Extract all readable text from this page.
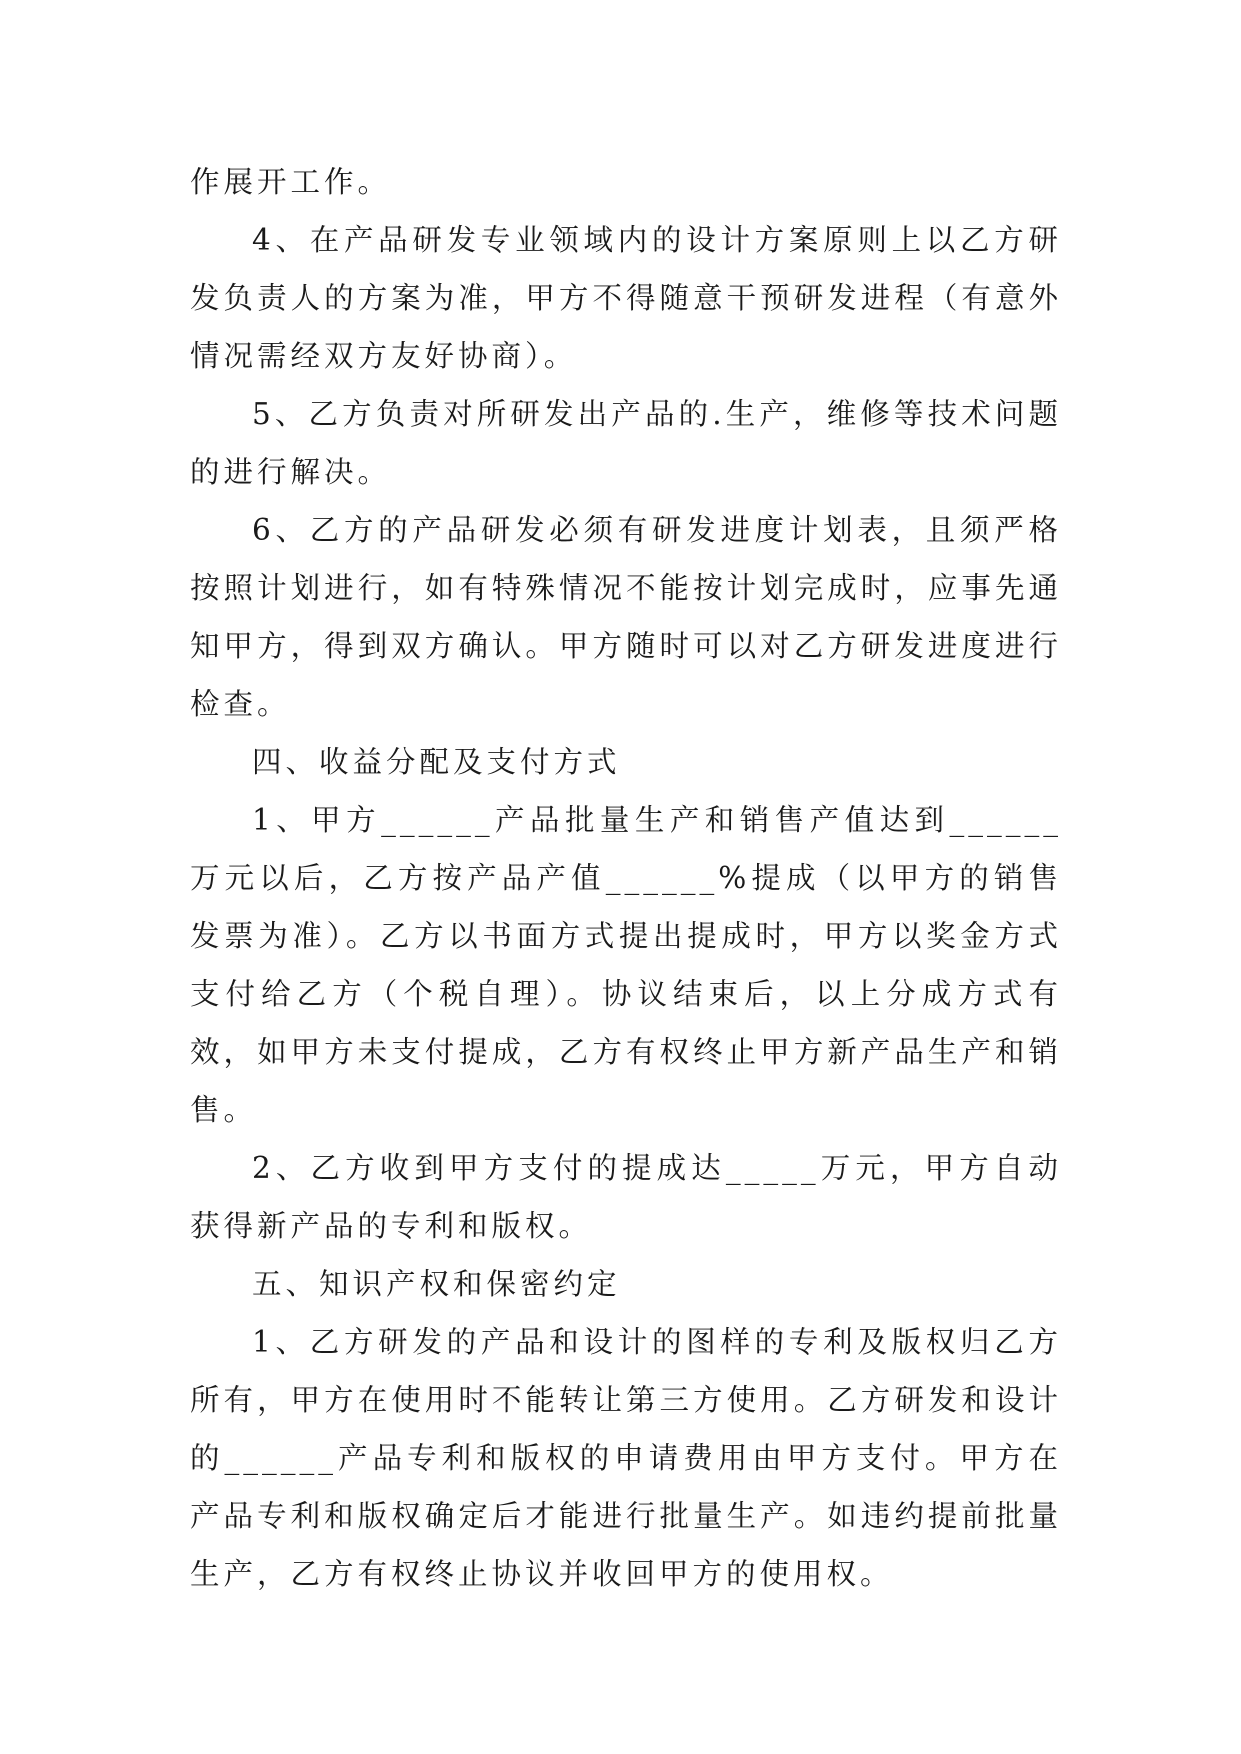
作展开工作。

4、在产品研发专业领域内的设计方案原则上以乙方研发负责人的方案为准，甲方不得随意干预研发进程（有意外情况需经双方友好协商）。

5、乙方负责对所研发出产品的.生产，维修等技术问题的进行解决。

6、乙方的产品研发必须有研发进度计划表，且须严格按照计划进行，如有特殊情况不能按计划完成时，应事先通知甲方，得到双方确认。甲方随时可以对乙方研发进度进行检查。

四、收益分配及支付方式

1、甲方______产品批量生产和销售产值达到______万元以后，乙方按产品产值______%提成（以甲方的销售发票为准）。乙方以书面方式提出提成时，甲方以奖金方式支付给乙方（个税自理）。协议结束后，以上分成方式有效，如甲方未支付提成，乙方有权终止甲方新产品生产和销售。

2、乙方收到甲方支付的提成达_____万元，甲方自动获得新产品的专利和版权。

五、知识产权和保密约定

1、乙方研发的产品和设计的图样的专利及版权归乙方所有，甲方在使用时不能转让第三方使用。乙方研发和设计的______产品专利和版权的申请费用由甲方支付。甲方在产品专利和版权确定后才能进行批量生产。如违约提前批量生产，乙方有权终止协议并收回甲方的使用权。
